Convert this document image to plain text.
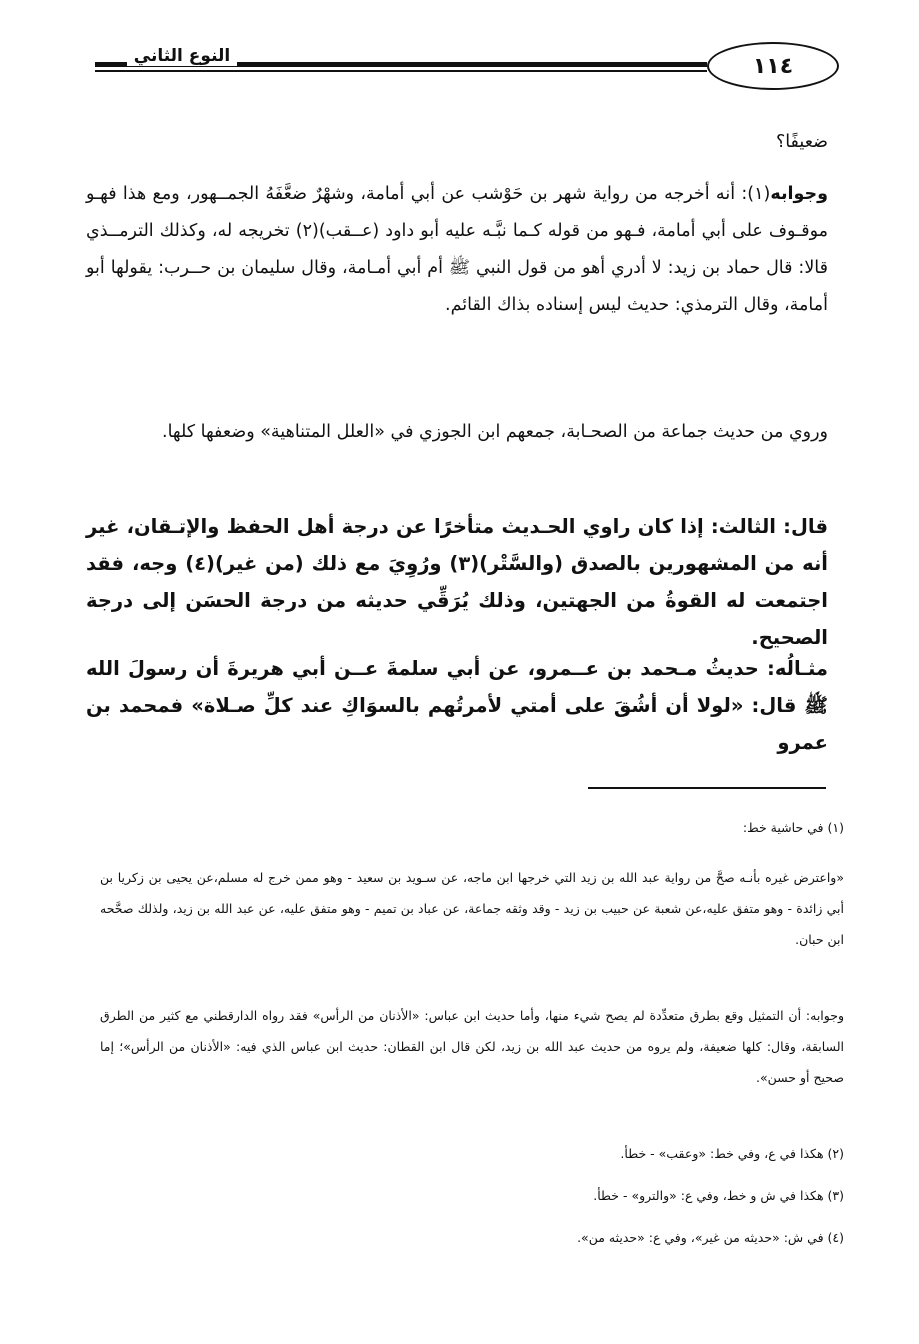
النوع الثاني	١١٤
ضعيفًا؟
وجوابه(١): أنه أخرجه من رواية شهر بن حَوْشب عن أبي أمامة، وشهْرٌ ضعَّفَهُ الجمــهور، ومع هذا فهـو موقـوف على أبي أمامة، فـهو من قوله كـما نبَّـه عليه أبو داود (عــقب)(٢) تخريجه له، وكذلك الترمــذي قالا: قال حماد بن زيد: لا أدري أهو من قول النبي ﷺ أم أبي أمـامة، وقال سليمان بن حــرب: يقولها أبو أمامة، وقال الترمذي: حديث ليس إسناده بذاك القائم.
وروي من حديث جماعة من الصحـابة، جمعهم ابن الجوزي في «العلل المتناهية» وضعفها كلها.
قال: الثالث: إذا كان راوي الحـديث متأخرًا عن درجة أهل الحفظ والإتـقان، غير أنه من المشهورين بالصدق (والسَّتْر)(٣) ورُوِيَ مع ذلك (من غير)(٤) وجه، فقد اجتمعت له القوةُ من الجهتين، وذلك يُرَقِّي حديثه من درجة الحسَن إلى درجة الصحيح.
مثـالُه: حديثُ مـحمد بن عــمرو، عن أبي سلمةَ عــن أبي هريرةَ أن رسولَ الله ﷺ قال: «لولا أن أشُقَ على أمتي لأمرتُهم بالسوَاكِ عند كلِّ صـلاة» فمحمد بن عمرو
(١) في حاشية خط:
«واعترض غيره بأنـه صحَّ من رواية عبد الله بن زيد التي خرجها ابن ماجه، عن سـويد بن سعيد - وهو ممن خرج له مسلم،عن يحيى بن زكريا بن أبي زائدة - وهو متفق عليه،عن شعبة عن حبيب بن زيد - وقد وثقه جماعة، عن عباد بن تميم - وهو متفق عليه، عن عبد الله بن زيد، ولذلك صحَّحه ابن حبان.
وجوابه: أن التمثيل وقع بطرق متعدِّدة لم يصح شيء منها، وأما حديث ابن عباس: «الأذنان من الرأس» فقد رواه الدارقطني مع كثير من الطرق السابقة، وقال: كلها ضعيفة، ولم يروه من حديث عبد الله بن زيد، لكن قال ابن القطان: حديث ابن عباس الذي فيه: «الأذنان من الرأس»؛ إما صحيح أو حسن».
(٢) هكذا في ع، وفي خط: «وعقب» - خطأ.
(٣) هكذا في ش و خط، وفي ع: «والترو» - خطأ.
(٤) في ش: «حديثه من غير»، وفي ع: «حديثه من».
